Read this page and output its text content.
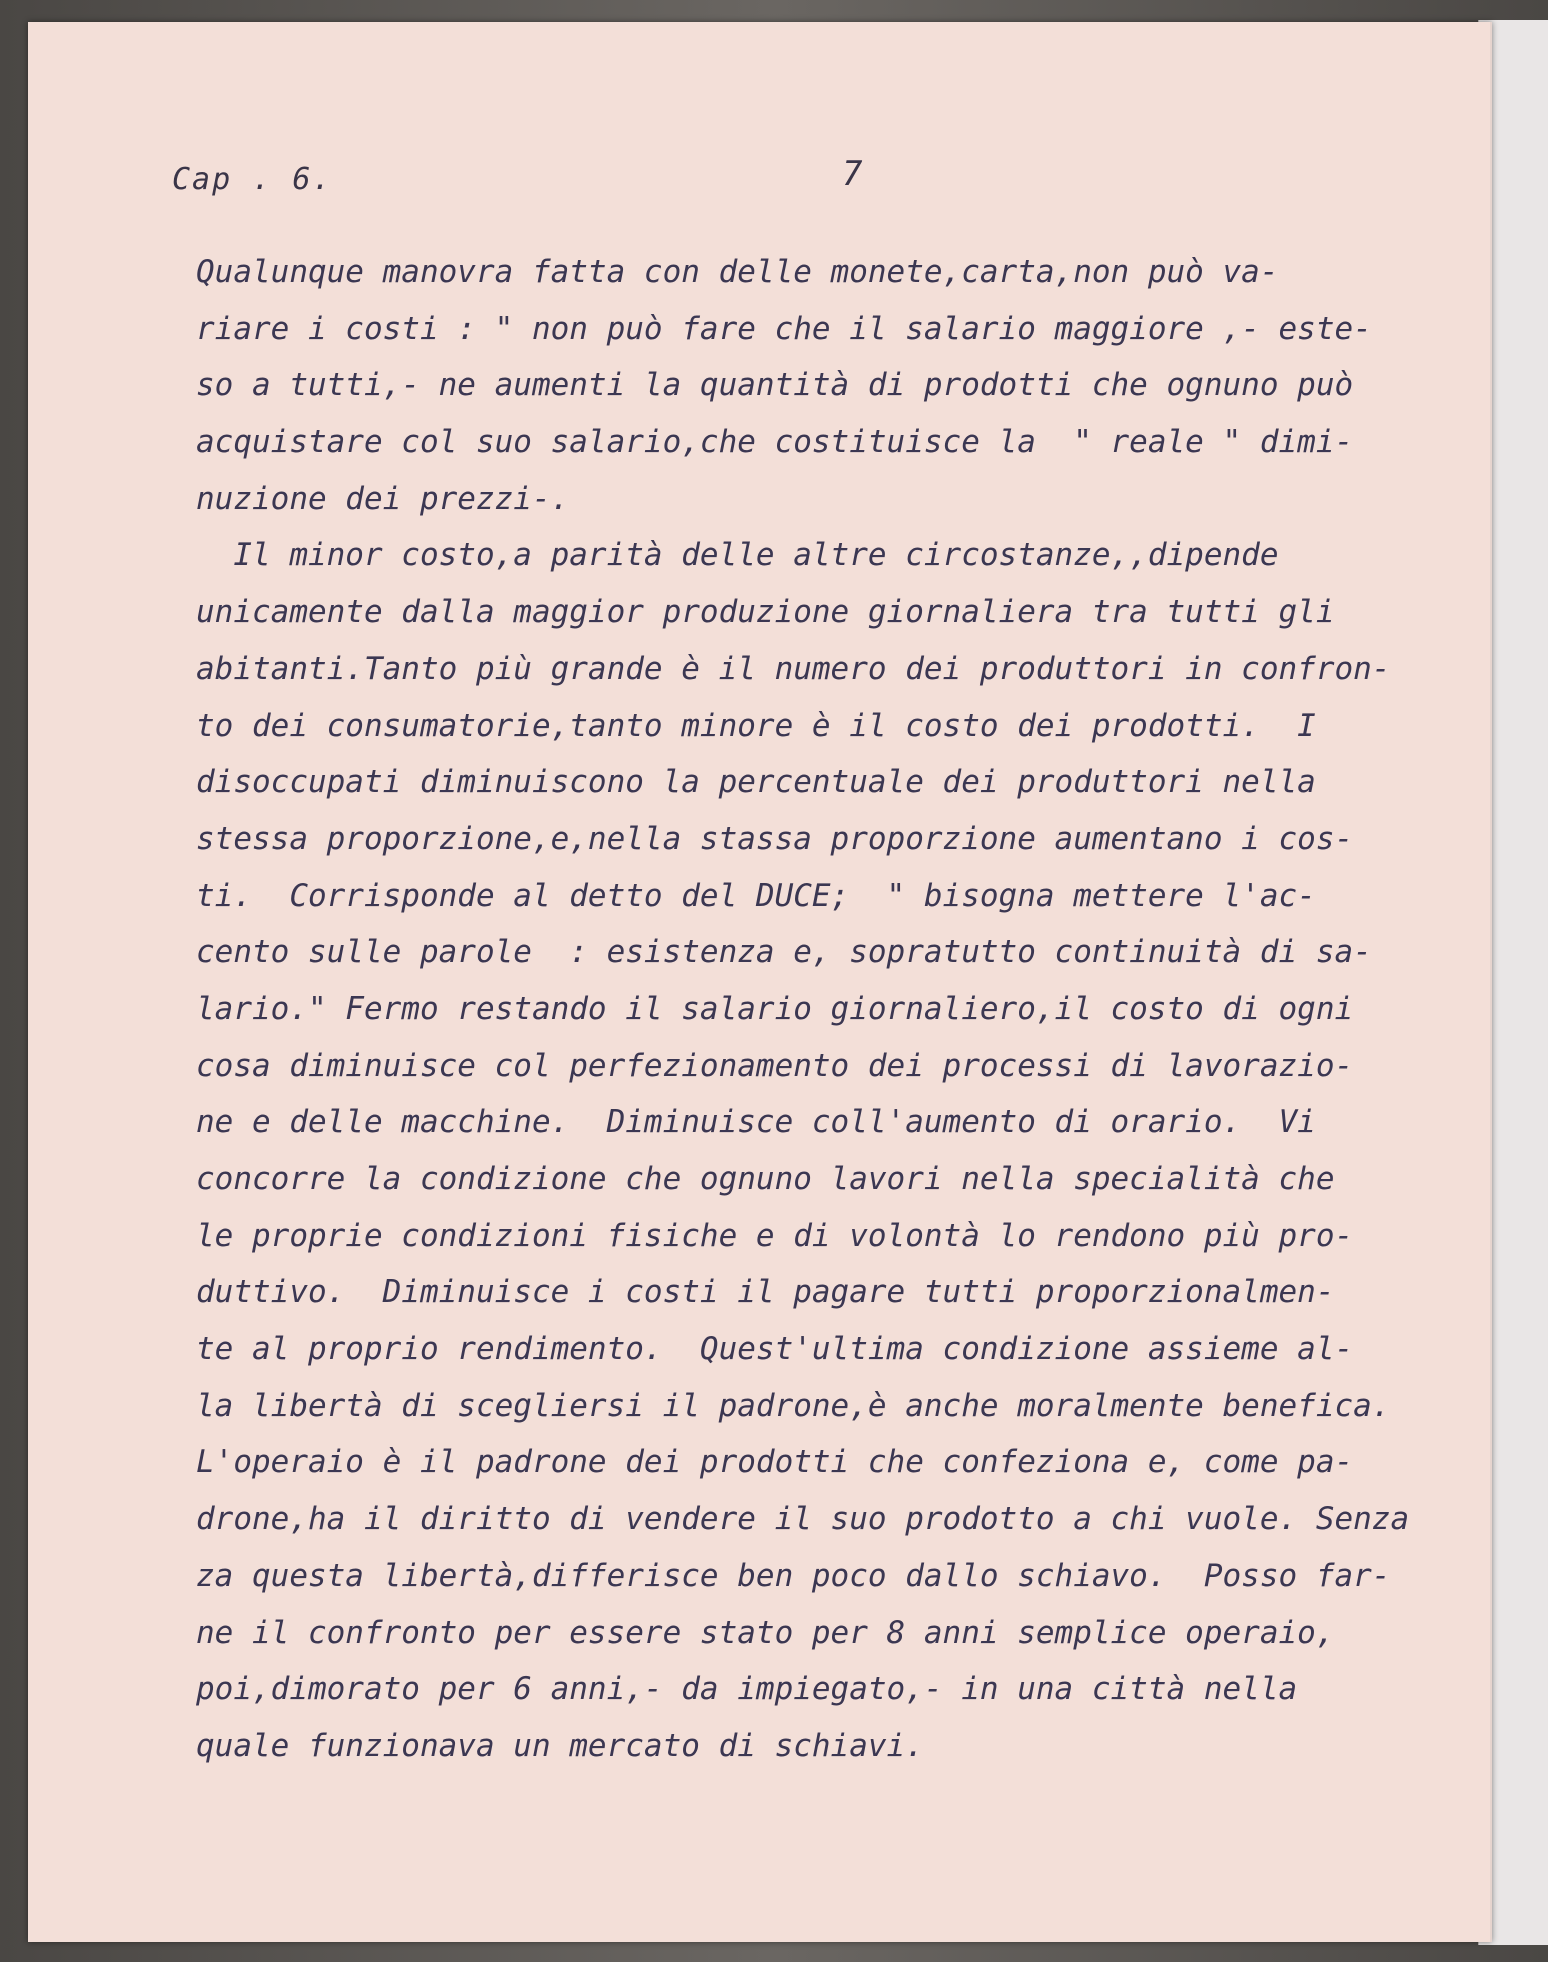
Cap . 6.	7
Qualunque manovra fatta con delle monete,carta,non può va-
riare i costi : " non può fare che il salario maggiore ,- este-
so a tutti,- ne aumenti la quantità di prodotti che ognuno può
acquistare col suo salario,che costituisce la  " reale " dimi-
nuzione dei prezzi-.
Il minor costo,a parità delle altre circostanze,,dipende
unicamente dalla maggior produzione giornaliera tra tutti gli
abitanti.Tanto più grande è il numero dei produttori in confron-
to dei consumatorie,tanto minore è il costo dei prodotti.  I
disoccupati diminuiscono la percentuale dei produttori nella
stessa proporzione,e,nella stassa proporzione aumentano i cos-
ti.  Corrisponde al detto del DUCE;  " bisogna mettere l'ac-
cento sulle parole  : esistenza e, sopratutto continuità di sa-
lario." Fermo restando il salario giornaliero,il costo di ogni
cosa diminuisce col perfezionamento dei processi di lavorazio-
ne e delle macchine.  Diminuisce coll'aumento di orario.  Vi
concorre la condizione che ognuno lavori nella specialità che
le proprie condizioni fisiche e di volontà lo rendono più pro-
duttivo.  Diminuisce i costi il pagare tutti proporzionalmen-
te al proprio rendimento.  Quest'ultima condizione assieme al-
la libertà di scegliersi il padrone,è anche moralmente benefica.
L'operaio è il padrone dei prodotti che confeziona e, come pa-
drone,ha il diritto di vendere il suo prodotto a chi vuole. Senza
za questa libertà,differisce ben poco dallo schiavo.  Posso far-
ne il confronto per essere stato per 8 anni semplice operaio,
poi,dimorato per 6 anni,- da impiegato,- in una città nella
quale funzionava un mercato di schiavi.
